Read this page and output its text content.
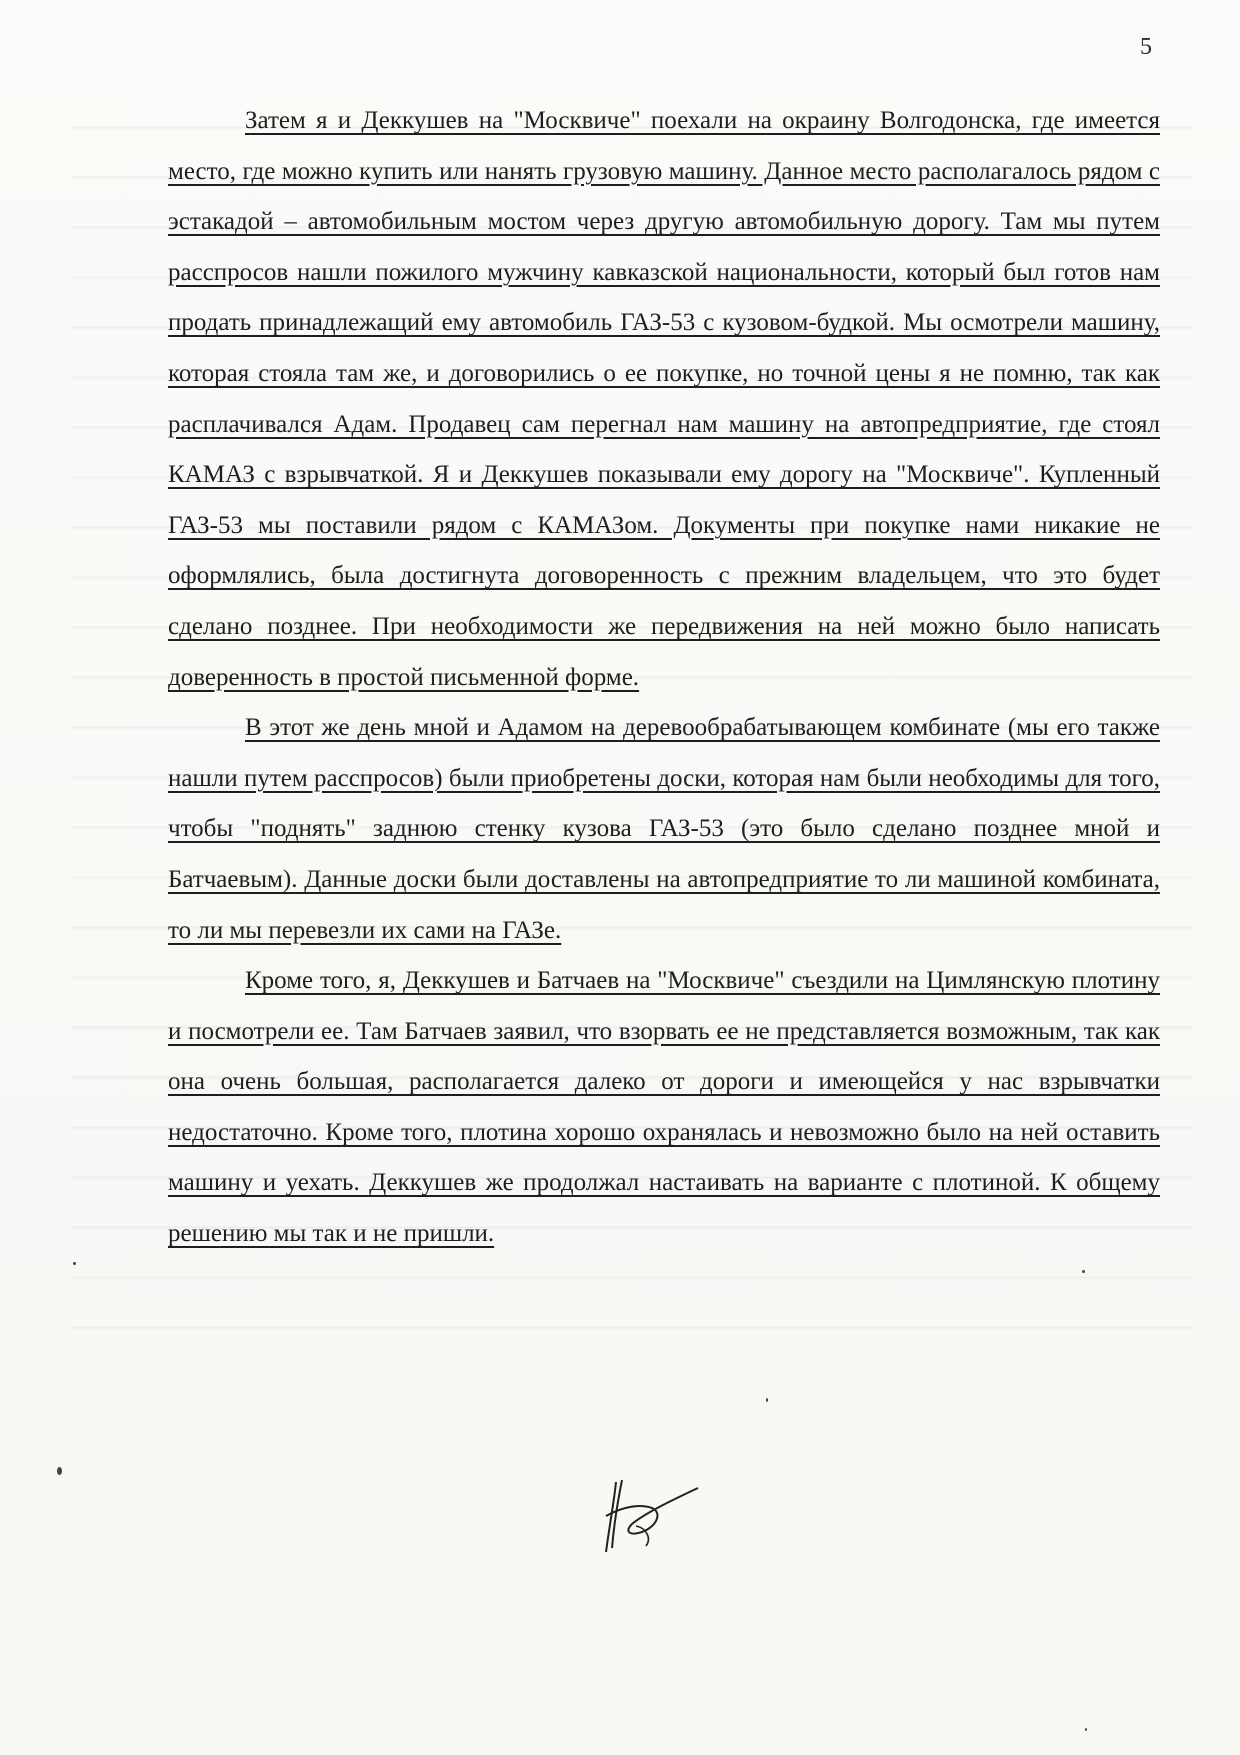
5

Затем я и Деккушев на "Москвиче" поехали на окраину Волгодонска, где имеется место, где можно купить или нанять грузовую машину. Данное место располагалось рядом с эстакадой – автомобильным мостом через другую автомобильную дорогу. Там мы путем расспросов нашли пожилого мужчину кавказской национальности, который был готов нам продать принадлежащий ему автомобиль ГАЗ-53 с кузовом-будкой. Мы осмотрели машину, которая стояла там же, и договорились о ее покупке, но точной цены я не помню, так как расплачивался Адам. Продавец сам перегнал нам машину на автопредприятие, где стоял КАМАЗ с взрывчаткой. Я и Деккушев показывали ему дорогу на "Москвиче". Купленный ГАЗ-53 мы поставили рядом с КАМАЗом. Документы при покупке нами никакие не оформлялись, была достигнута договоренность с прежним владельцем, что это будет сделано позднее. При необходимости же передвижения на ней можно было написать доверенность в простой письменной форме.

В этот же день мной и Адамом на деревообрабатывающем комбинате (мы его также нашли путем расспросов) были приобретены доски, которая нам были необходимы для того, чтобы "поднять" заднюю стенку кузова ГАЗ-53 (это было сделано позднее мной и Батчаевым). Данные доски были доставлены на автопредприятие то ли машиной комбината, то ли мы перевезли их сами на ГАЗе.

Кроме того, я, Деккушев и Батчаев на "Москвиче" съездили на Цимлянскую плотину и посмотрели ее. Там Батчаев заявил, что взорвать ее не представляется возможным, так как она очень большая, располагается далеко от дороги и имеющейся у нас взрывчатки недостаточно. Кроме того, плотина хорошо охранялась и невозможно было на ней оставить машину и уехать. Деккушев же продолжал настаивать на варианте с плотиной. К общему решению мы так и не пришли.
